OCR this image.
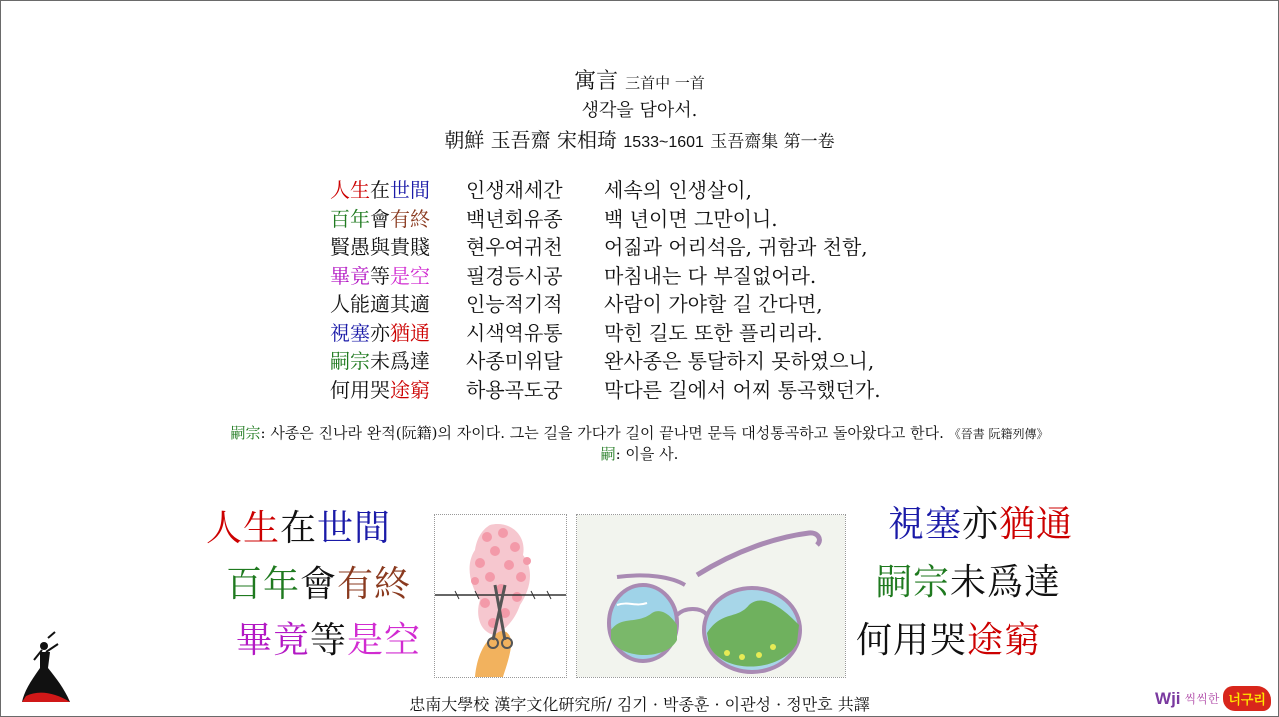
寓言 三首中 一首
생각을 담아서.
朝鮮 玉吾齋 宋相琦 1533~1601 玉吾齋集 第一卷
人生在世間	인생재세간	세속의 인생살이,
百年會有終	백년회유종	백 년이면 그만이니.
賢愚與貴賤	현우여귀천	어짊과 어리석음, 귀함과 천함,
畢竟等是空	필경등시공	마침내는 다 부질없어라.
人能適其適	인능적기적	사람이 가야할 길 간다면,
視塞亦猶通	시색역유통	막힌 길도 또한 플리리라.
嗣宗未爲達	사종미위달	완사종은 통달하지 못하였으니,
何用哭途窮	하용곡도궁	막다른 길에서 어찌 통곡했던가.
嗣宗: 사종은 진나라 완적(阮籍)의 자이다. 그는 길을 가다가 길이 끝나면 문득 대성통곡하고 돌아왔다고 한다. 《晉書 阮籍列傳》
嗣: 이을 사.
人生在世間
百年會有終
畢竟等是空
視塞亦猶通
嗣宗未爲達
何用哭途窮
忠南大學校 漢字文化硏究所/ 김기 · 박종훈 · 이관성 · 정만호 共譯	Wji 씩씩한 너구리
